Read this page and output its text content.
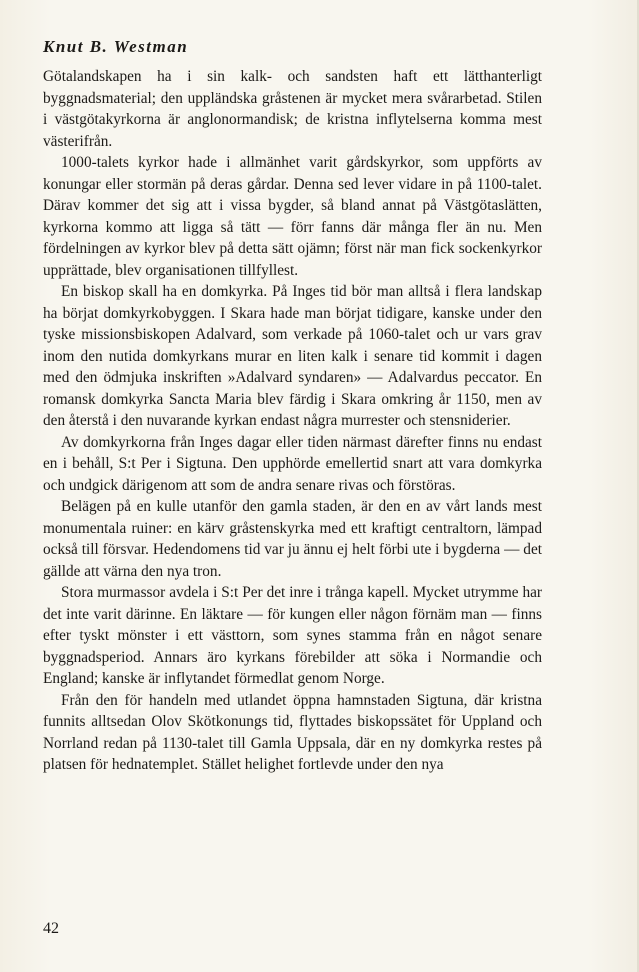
Knut B. Westman

Götalandskapen ha i sin kalk- och sandsten haft ett lätthanterligt byggnadsmaterial; den uppländska gråstenen är mycket mera svårarbetad. Stilen i västgötakyrkorna är anglonormandisk; de kristna inflytelserna komma mest västerifrån.

1000-talets kyrkor hade i allmänhet varit gårdskyrkor, som uppförts av konungar eller stormän på deras gårdar. Denna sed lever vidare in på 1100-talet. Därav kommer det sig att i vissa bygder, så bland annat på Västgötaslätten, kyrkorna kommo att ligga så tätt — förr fanns där många fler än nu. Men fördelningen av kyrkor blev på detta sätt ojämn; först när man fick sockenkyrkor upprättade, blev organisationen tillfyllest.

En biskop skall ha en domkyrka. På Inges tid bör man alltså i flera landskap ha börjat domkyrkobyggen. I Skara hade man börjat tidigare, kanske under den tyske missionsbiskopen Adalvard, som verkade på 1060-talet och ur vars grav inom den nutida domkyrkans murar en liten kalk i senare tid kommit i dagen med den ödmjuka inskriften »Adalvard syndaren» — Adalvardus peccator. En romansk domkyrka Sancta Maria blev färdig i Skara omkring år 1150, men av den återstå i den nuvarande kyrkan endast några murrester och stensniderier.

Av domkyrkorna från Inges dagar eller tiden närmast därefter finns nu endast en i behåll, S:t Per i Sigtuna. Den upphörde emellertid snart att vara domkyrka och undgick därigenom att som de andra senare rivas och förstöras.

Belägen på en kulle utanför den gamla staden, är den en av vårt lands mest monumentala ruiner: en kärv gråstenskyrka med ett kraftigt centraltorn, lämpad också till försvar. Hedendomens tid var ju ännu ej helt förbi ute i bygderna — det gällde att värna den nya tron.

Stora murmassor avdela i S:t Per det inre i trånga kapell. Mycket utrymme har det inte varit därinne. En läktare — för kungen eller någon förnäm man — finns efter tyskt mönster i ett västtorn, som synes stamma från en något senare byggnadsperiod. Annars äro kyrkans förebilder att söka i Normandie och England; kanske är inflytandet förmedlat genom Norge.

Från den för handeln med utlandet öppna hamnstaden Sigtuna, där kristna funnits alltsedan Olov Skötkonungs tid, flyttades biskopssätet för Uppland och Norrland redan på 1130-talet till Gamla Uppsala, där en ny domkyrka restes på platsen för hednatemplet. Stället helighet fortlevde under den nya

42
